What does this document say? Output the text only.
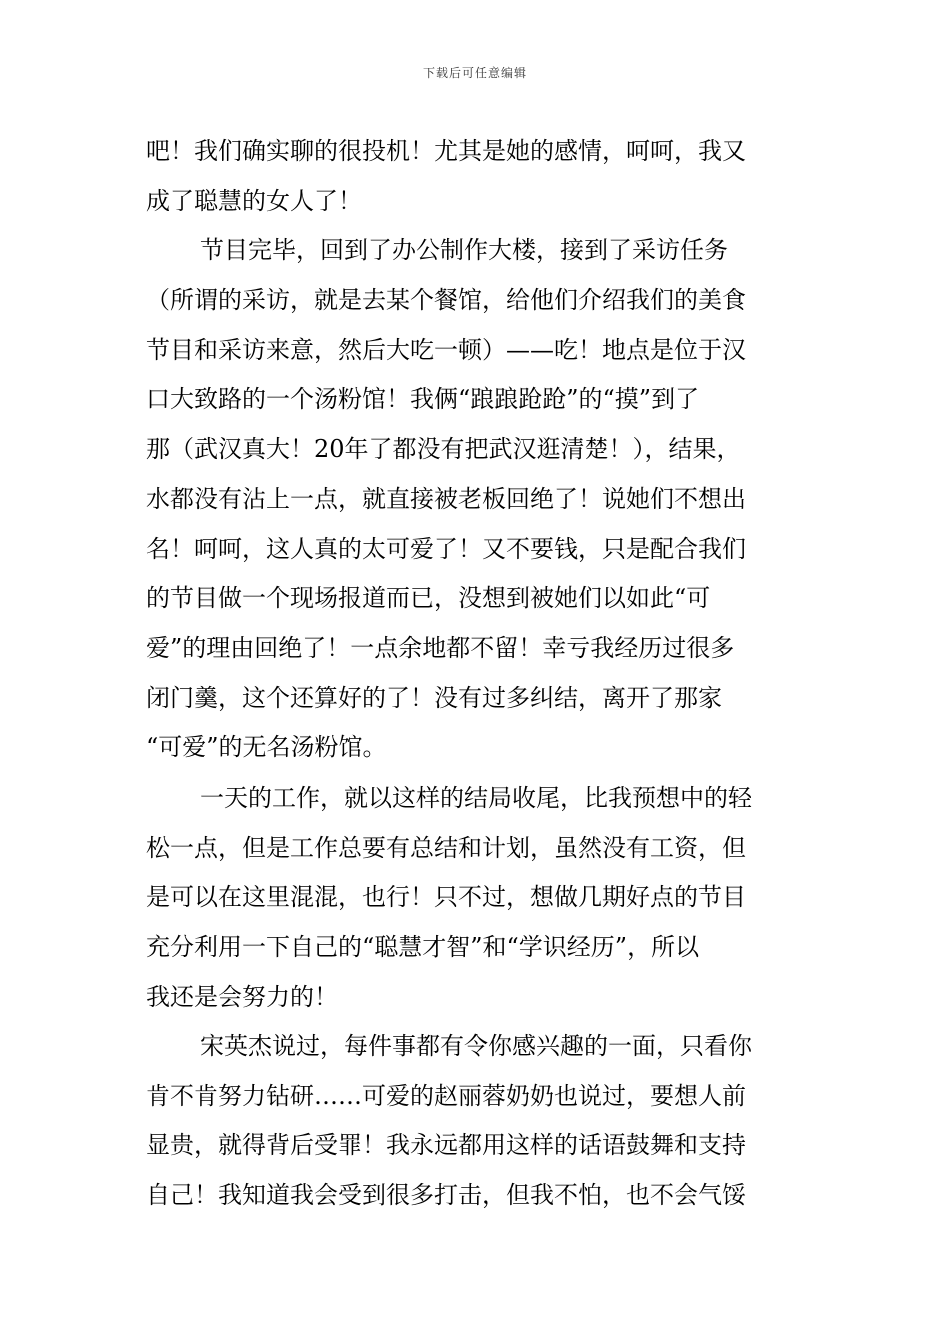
下载后可任意编辑
吧！我们确实聊的很投机！尤其是她的感情，呵呵，我又
成了聪慧的女人了！
节目完毕，回到了办公制作大楼，接到了采访任务
（所谓的采访，就是去某个餐馆，给他们介绍我们的美食
节目和采访来意，然后大吃一顿）——吃！地点是位于汉
口大致路的一个汤粉馆！我俩“踉踉跄跄”的“摸”到了
那（武汉真大！20年了都没有把武汉逛清楚！），结果，
水都没有沾上一点，就直接被老板回绝了！说她们不想出
名！呵呵，这人真的太可爱了！又不要钱，只是配合我们
的节目做一个现场报道而已，没想到被她们以如此“可
爱”的理由回绝了！一点余地都不留！幸亏我经历过很多
闭门羹，这个还算好的了！没有过多纠结，离开了那家
“可爱”的无名汤粉馆。
一天的工作，就以这样的结局收尾，比我预想中的轻
松一点，但是工作总要有总结和计划，虽然没有工资，但
是可以在这里混混，也行！只不过，想做几期好点的节目
充分利用一下自己的“聪慧才智”和“学识经历”，所以
我还是会努力的！
宋英杰说过，每件事都有令你感兴趣的一面，只看你
肯不肯努力钻研……可爱的赵丽蓉奶奶也说过，要想人前
显贵，就得背后受罪！我永远都用这样的话语鼓舞和支持
自己！我知道我会受到很多打击，但我不怕，也不会气馁
